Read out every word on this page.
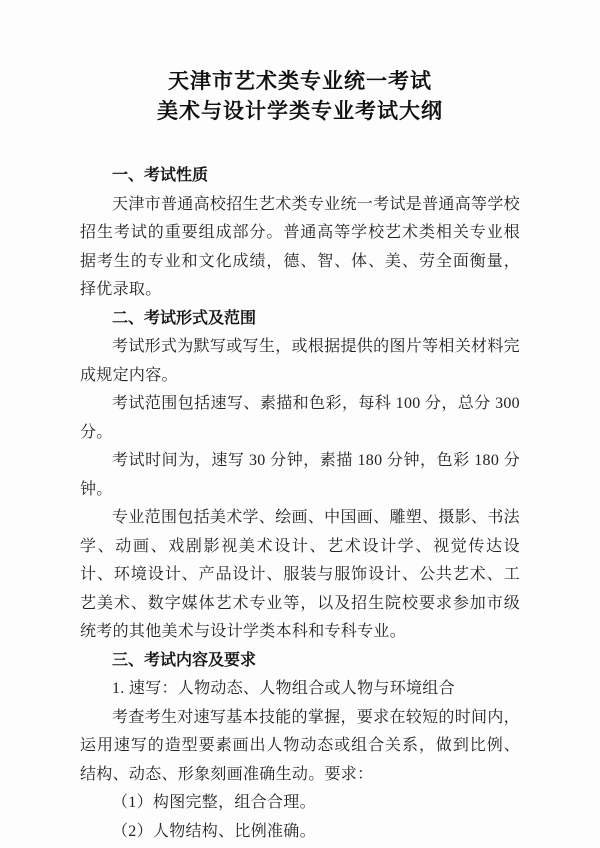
天津市艺术类专业统一考试
美术与设计学类专业考试大纲

一、考试性质

天津市普通高校招生艺术类专业统一考试是普通高等学校招生考试的重要组成部分。普通高等学校艺术类相关专业根据考生的专业和文化成绩，德、智、体、美、劳全面衡量，择优录取。

二、考试形式及范围

考试形式为默写或写生，或根据提供的图片等相关材料完成规定内容。

考试范围包括速写、素描和色彩，每科 100 分，总分 300 分。

考试时间为，速写 30 分钟，素描 180 分钟，色彩 180 分钟。

专业范围包括美术学、绘画、中国画、雕塑、摄影、书法学、动画、戏剧影视美术设计、艺术设计学、视觉传达设计、环境设计、产品设计、服装与服饰设计、公共艺术、工艺美术、数字媒体艺术专业等，以及招生院校要求参加市级统考的其他美术与设计学类本科和专科专业。

三、考试内容及要求

1. 速写：人物动态、人物组合或人物与环境组合

考查考生对速写基本技能的掌握，要求在较短的时间内，运用速写的造型要素画出人物动态或组合关系，做到比例、结构、动态、形象刻画准确生动。要求：

（1）构图完整，组合合理。

（2）人物结构、比例准确。
